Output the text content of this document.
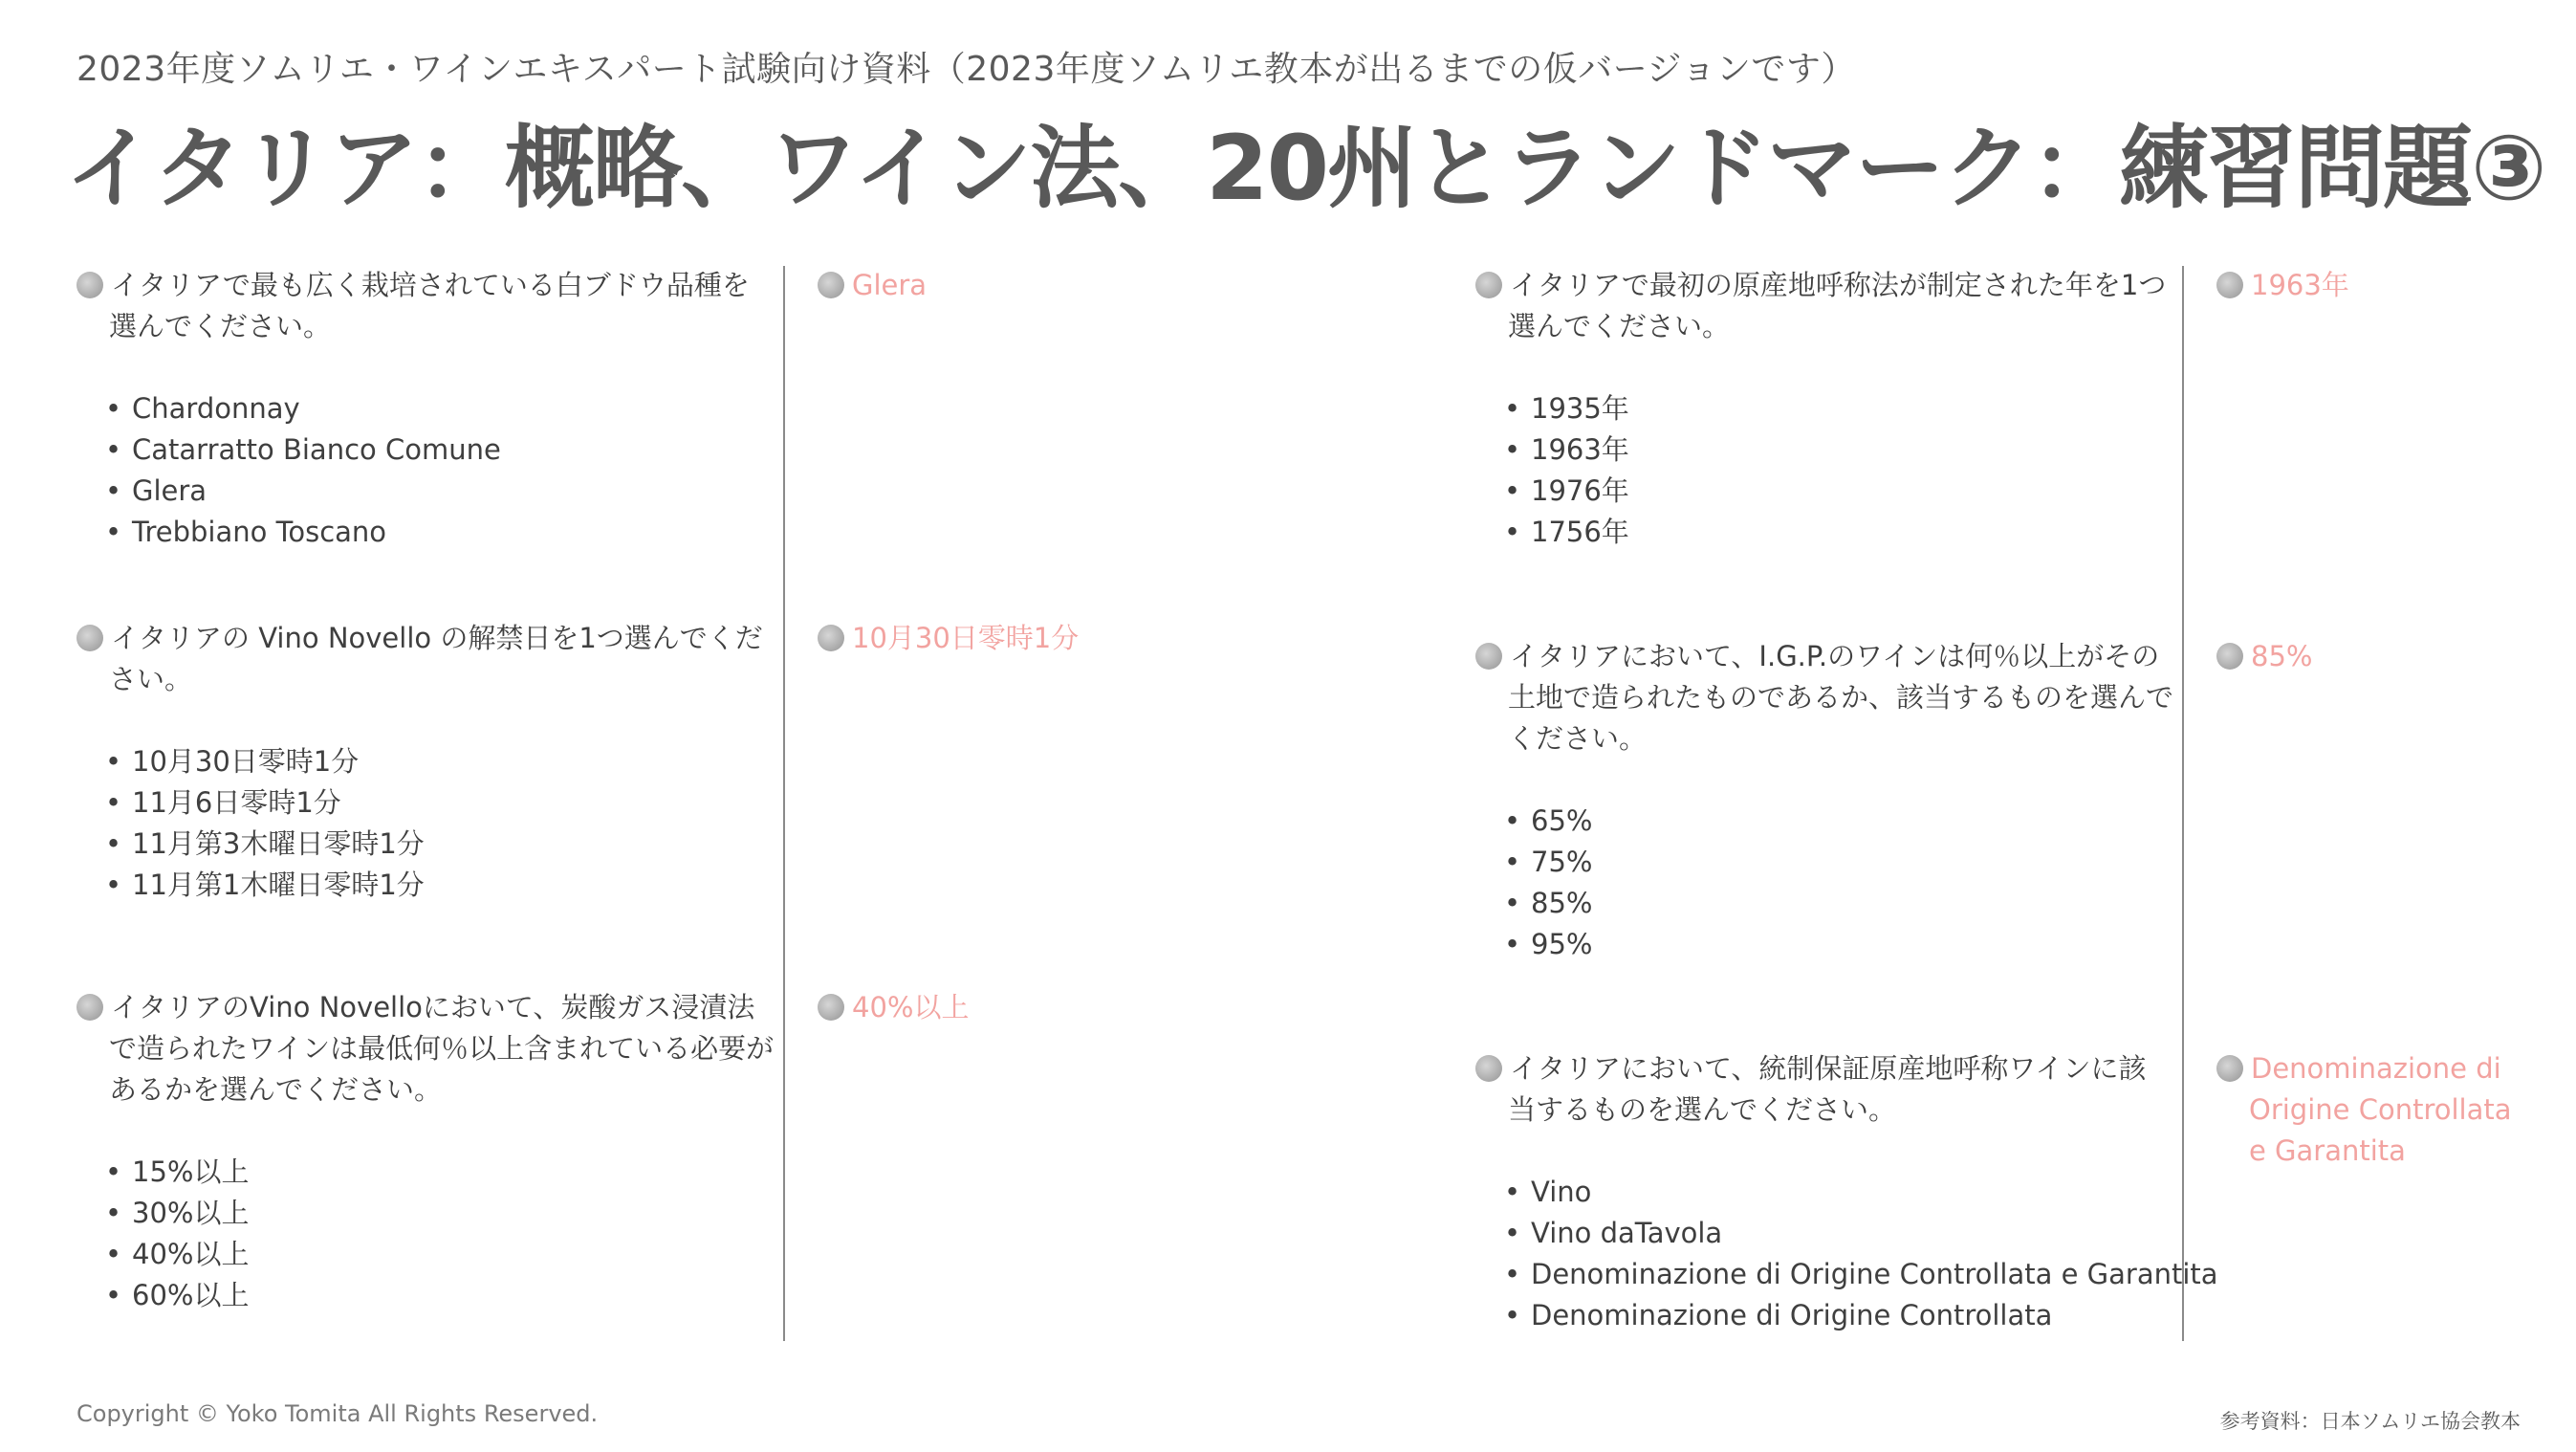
2023年度ソムリエ・ワインエキスパート試験向け資料（2023年度ソムリエ教本が出るまでの仮バージョンです）
イタリア：概略、ワイン法、20州とランドマーク：練習問題③
イタリアで最も広く栽培されている白ブドウ品種を選んでください。
• Chardonnay
• Catarratto Bianco Comune
• Glera
• Trebbiano Toscano
Glera
イタリアの Vino Novello の解禁日を1つ選んでください。
• 10月30日零時1分
• 11月6日零時1分
• 11月第3木曜日零時1分
• 11月第1木曜日零時1分
10月30日零時1分
イタリアのVino Novelloにおいて、炭酸ガス浸漬法で造られたワインは最低何％以上含まれている必要があるかを選んでください。
• 15%以上
• 30%以上
• 40%以上
• 60%以上
40%以上
イタリアで最初の原産地呼称法が制定された年を1つ選んでください。
• 1935年
• 1963年
• 1976年
• 1756年
1963年
イタリアにおいて、I.G.P.のワインは何％以上がその土地で造られたものであるか、該当するものを選んでください。
• 65%
• 75%
• 85%
• 95%
85%
イタリアにおいて、統制保証原産地呼称ワインに該当するものを選んでください。
• Vino
• Vino daTavola
• Denominazione di Origine Controllata e Garantita
• Denominazione di Origine Controllata
Denominazione di Origine Controllata e Garantita
Copyright © Yoko Tomita All Rights Reserved.	参考資料：日本ソムリエ協会教本
